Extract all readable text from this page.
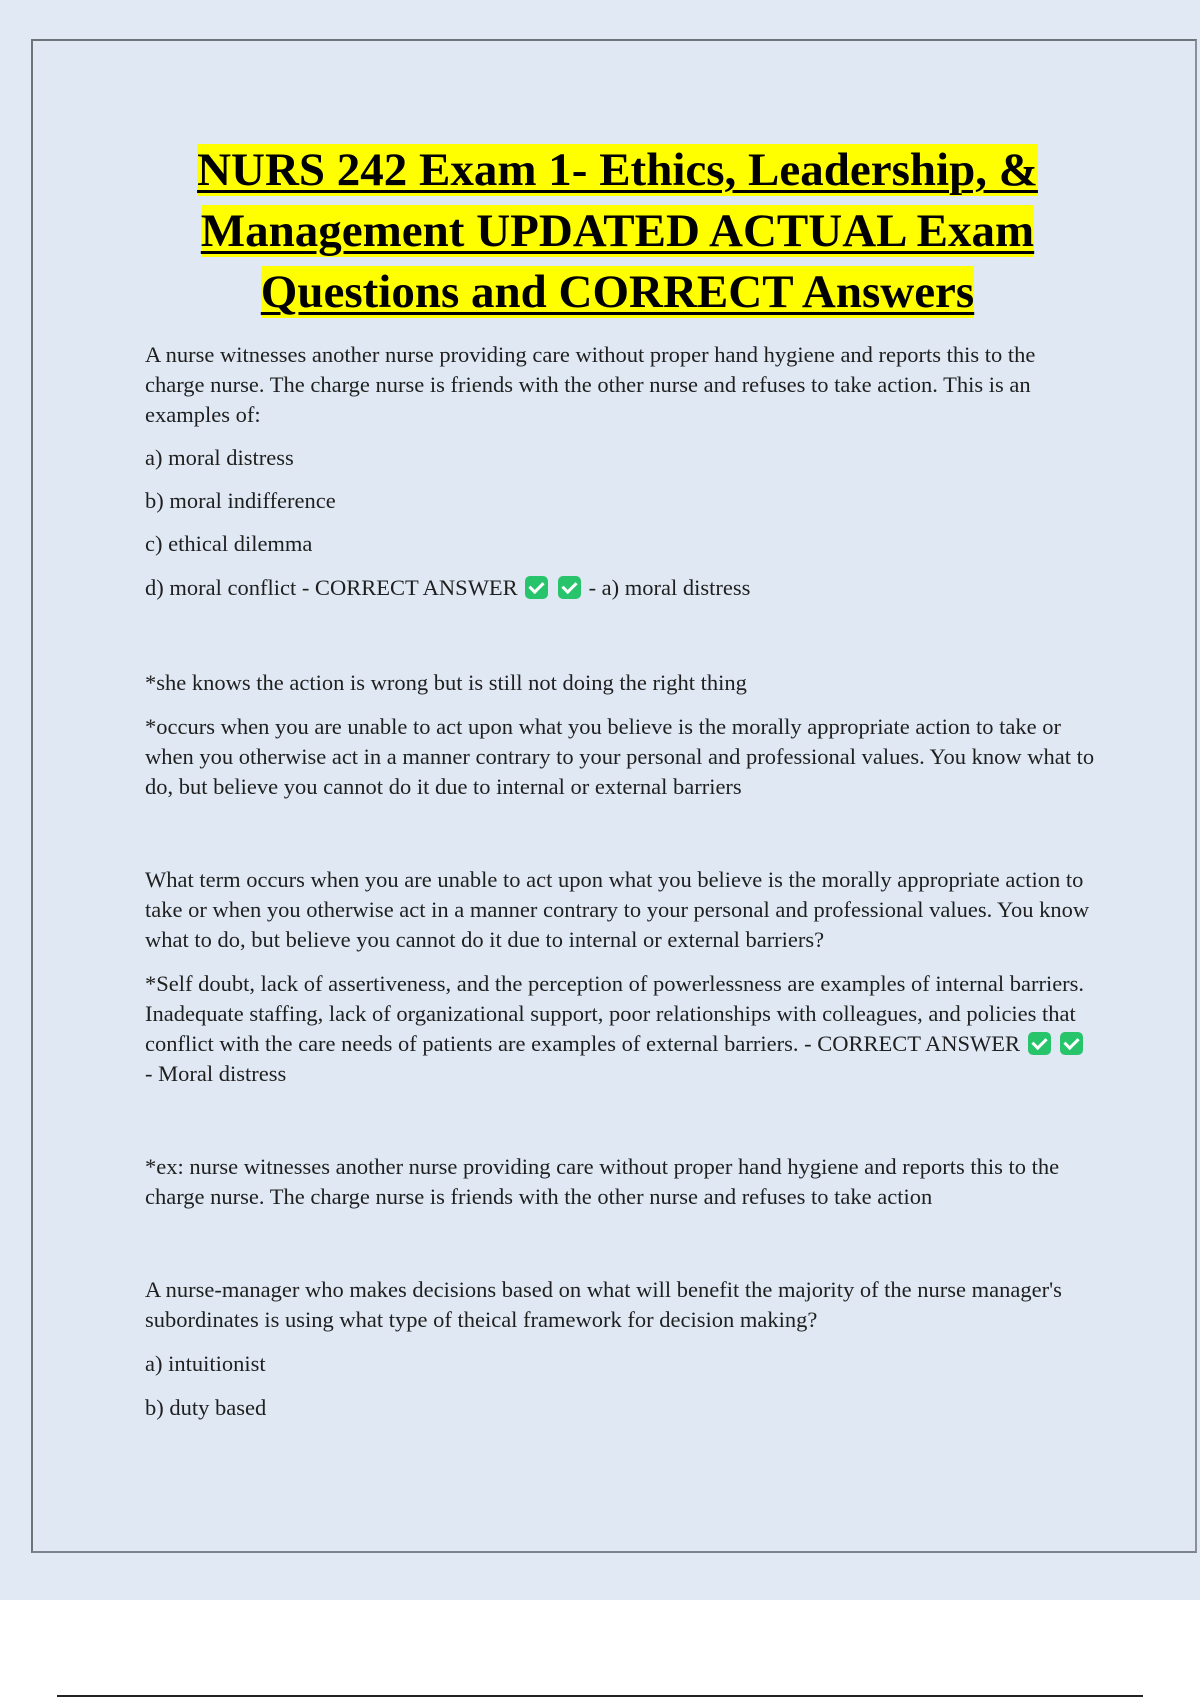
NURS 242 Exam 1- Ethics, Leadership, &
Management UPDATED ACTUAL Exam
Questions and CORRECT Answers

A nurse witnesses another nurse providing care without proper hand hygiene and reports this to the charge nurse. The charge nurse is friends with the other nurse and refuses to take action. This is an examples of:

a) moral distress

b) moral indifference

c) ethical dilemma

d) moral conflict - CORRECT ANSWER	- a) moral distress

*she knows the action is wrong but is still not doing the right thing

*occurs when you are unable to act upon what you believe is the morally appropriate action to take or when you otherwise act in a manner contrary to your personal and professional values. You know what to do, but believe you cannot do it due to internal or external barriers

What term occurs when you are unable to act upon what you believe is the morally appropriate action to take or when you otherwise act in a manner contrary to your personal and professional values. You know what to do, but believe you cannot do it due to internal or external barriers?

*Self doubt, lack of assertiveness, and the perception of powerlessness are examples of internal barriers. Inadequate staffing, lack of organizational support, poor relationships with colleagues, and policies that conflict with the care needs of patients are examples of external barriers. - CORRECT ANSWER   - Moral distress

*ex: nurse witnesses another nurse providing care without proper hand hygiene and reports this to the charge nurse. The charge nurse is friends with the other nurse and refuses to take action

A nurse-manager who makes decisions based on what will benefit the majority of the nurse manager's subordinates is using what type of theical framework for decision making?

a) intuitionist

b) duty based
